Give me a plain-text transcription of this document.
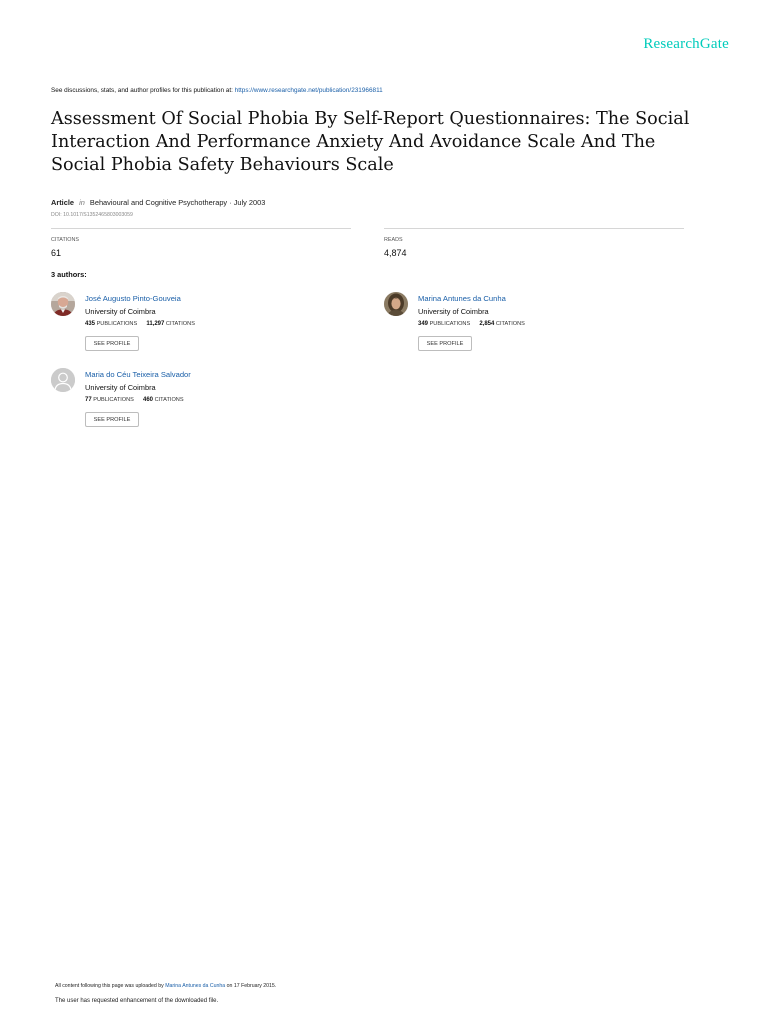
ResearchGate
See discussions, stats, and author profiles for this publication at: https://www.researchgate.net/publication/231966811
Assessment Of Social Phobia By Self-Report Questionnaires: The Social Interaction And Performance Anxiety And Avoidance Scale And The Social Phobia Safety Behaviours Scale
Article in Behavioural and Cognitive Psychotherapy · July 2003
DOI: 10.1017/S1352465803003059
CITATIONS
61
READS
4,874
3 authors:
José Augusto Pinto-Gouveia
University of Coimbra
435 PUBLICATIONS 11,297 CITATIONS
SEE PROFILE
Marina Antunes da Cunha
University of Coimbra
349 PUBLICATIONS 2,854 CITATIONS
SEE PROFILE
Maria do Céu Teixeira Salvador
University of Coimbra
77 PUBLICATIONS 460 CITATIONS
SEE PROFILE
All content following this page was uploaded by Marina Antunes da Cunha on 17 February 2015.
The user has requested enhancement of the downloaded file.
